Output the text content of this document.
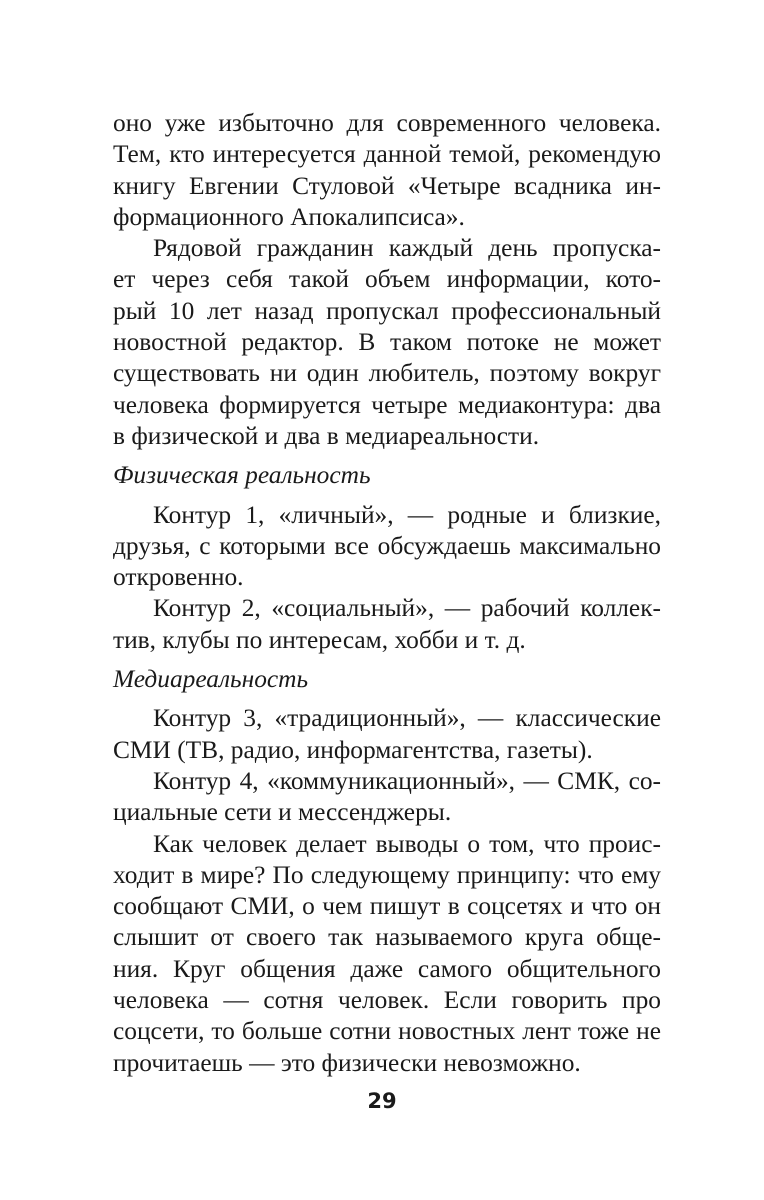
оно уже избыточно для современного человека.
Тем, кто интересуется данной темой, рекомендую
книгу Евгении Стуловой «Четыре всадника ин-
формационного Апокалипсиса».
Рядовой гражданин каждый день пропуска-
ет через себя такой объем информации, кото-
рый 10 лет назад пропускал профессиональный
новостной редактор. В таком потоке не может
существовать ни один любитель, поэтому вокруг
человека формируется четыре медиаконтура: два
в физической и два в медиареальности.
Физическая реальность
Контур 1, «личный», — родные и близкие,
друзья, с которыми все обсуждаешь максимально
откровенно.
Контур 2, «социальный», — рабочий коллек-
тив, клубы по интересам, хобби и т. д.
Медиареальность
Контур 3, «традиционный», — классические
СМИ (ТВ, радио, информагентства, газеты).
Контур 4, «коммуникационный», — СМК, со-
циальные сети и мессенджеры.
Как человек делает выводы о том, что проис-
ходит в мире? По следующему принципу: что ему
сообщают СМИ, о чем пишут в соцсетях и что он
слышит от своего так называемого круга обще-
ния. Круг общения даже самого общительного
человека — сотня человек. Если говорить про
соцсети, то больше сотни новостных лент тоже не
прочитаешь — это физически невозможно.
29
